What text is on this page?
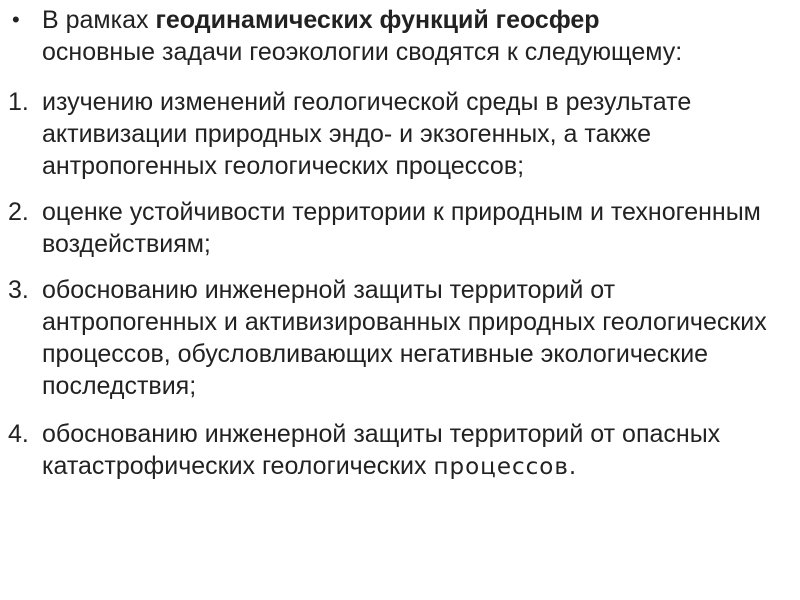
• В рамках геодинамических функций геосфер
основные задачи геоэкологии сводятся к следующему:
1. изучению изменений геологической среды в результате активизации природных эндо- и экзогенных, а также антропогенных геологических процессов;
2. оценке устойчивости территории к природным и техногенным воздействиям;
3. обоснованию инженерной защиты территорий от антропогенных и активизированных природных геологических процессов, обусловливающих негативные экологические последствия;
4. обоснованию инженерной защиты территорий от опасных катастрофических геологических процессов.
